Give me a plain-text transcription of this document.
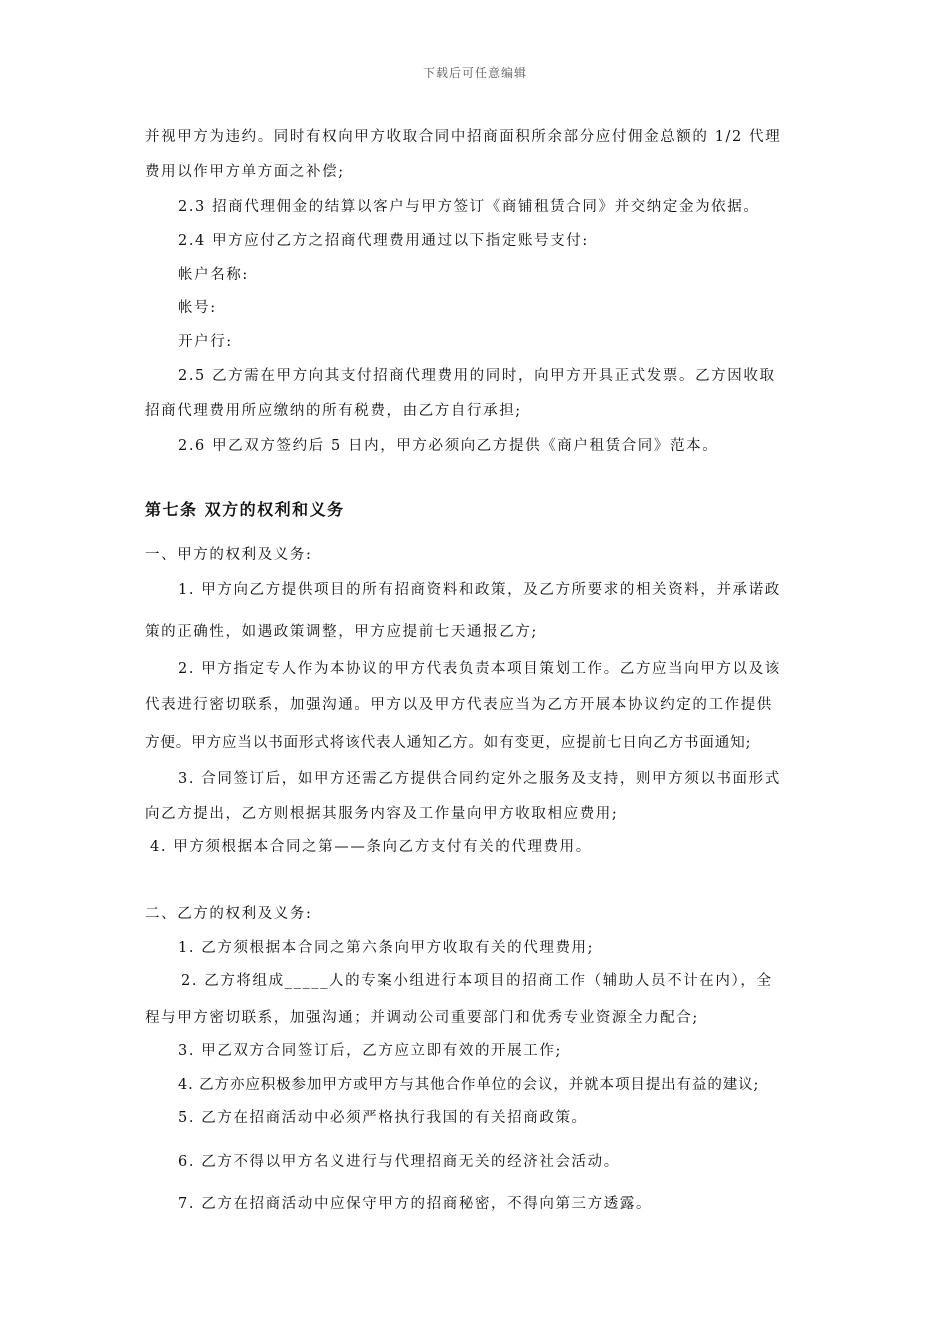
下载后可任意编辑
并视甲方为违约。同时有权向甲方收取合同中招商面积所余部分应付佣金总额的 1/2 代理
费用以作甲方单方面之补偿;
2.3 招商代理佣金的结算以客户与甲方签订《商铺租赁合同》并交纳定金为依据。
2.4 甲方应付乙方之招商代理费用通过以下指定账号支付:
帐户名称:
帐号:
开户行:
2.5 乙方需在甲方向其支付招商代理费用的同时，向甲方开具正式发票。乙方因收取
招商代理费用所应缴纳的所有税费，由乙方自行承担;
2.6 甲乙双方签约后 5 日内，甲方必须向乙方提供《商户租赁合同》范本。
第七条 双方的权利和义务
一、甲方的权利及义务:
1. 甲方向乙方提供项目的所有招商资料和政策，及乙方所要求的相关资料，并承诺政
策的正确性，如遇政策调整，甲方应提前七天通报乙方;
2. 甲方指定专人作为本协议的甲方代表负责本项目策划工作。乙方应当向甲方以及该
代表进行密切联系，加强沟通。甲方以及甲方代表应当为乙方开展本协议约定的工作提供
方便。甲方应当以书面形式将该代表人通知乙方。如有变更，应提前七日向乙方书面通知;
3. 合同签订后，如甲方还需乙方提供合同约定外之服务及支持，则甲方须以书面形式
向乙方提出，乙方则根据其服务内容及工作量向甲方收取相应费用;
4. 甲方须根据本合同之第——条向乙方支付有关的代理费用。
二、乙方的权利及义务:
1. 乙方须根据本合同之第六条向甲方收取有关的代理费用;
2. 乙方将组成_____人的专案小组进行本项目的招商工作（辅助人员不计在内），全
程与甲方密切联系，加强沟通；并调动公司重要部门和优秀专业资源全力配合;
3. 甲乙双方合同签订后，乙方应立即有效的开展工作;
4. 乙方亦应积极参加甲方或甲方与其他合作单位的会议，并就本项目提出有益的建议;
5. 乙方在招商活动中必须严格执行我国的有关招商政策。
6. 乙方不得以甲方名义进行与代理招商无关的经济社会活动。
7. 乙方在招商活动中应保守甲方的招商秘密，不得向第三方透露。
